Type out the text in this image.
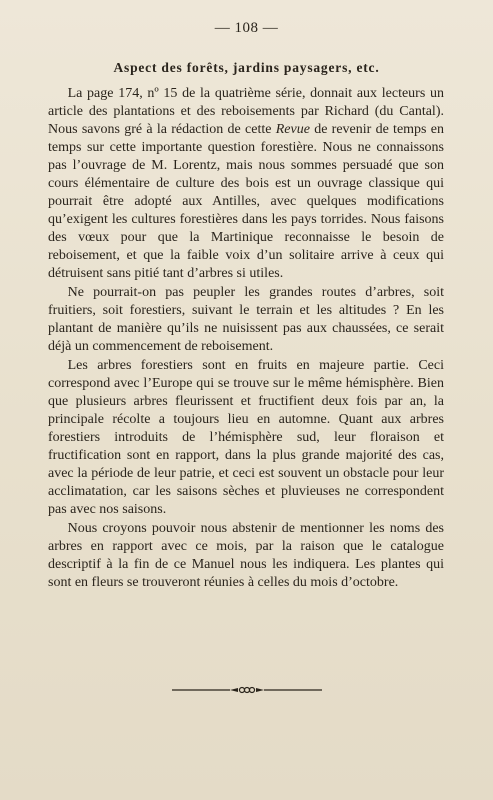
— 108 —
Aspect des forêts, jardins paysagers, etc.

La page 174, nº 15 de la quatrième série, donnait aux lecteurs un article des plantations et des reboisements par Richard (du Cantal). Nous savons gré à la rédaction de cette Revue de revenir de temps en temps sur cette importante question forestière. Nous ne connaissons pas l’ouvrage de M. Lorentz, mais nous sommes persuadé que son cours élémentaire de culture des bois est un ouvrage classique qui pourrait être adopté aux Antilles, avec quelques modifications qu’exigent les cultures forestières dans les pays torrides. Nous faisons des vœux pour que la Martinique reconnaisse le besoin de reboisement, et que la faible voix d’un solitaire arrive à ceux qui détruisent sans pitié tant d’arbres si utiles.

Ne pourrait-on pas peupler les grandes routes d’arbres, soit fruitiers, soit forestiers, suivant le terrain et les altitudes ? En les plantant de manière qu’ils ne nuisissent pas aux chaussées, ce serait déjà un commencement de reboisement.

Les arbres forestiers sont en fruits en majeure partie. Ceci correspond avec l’Europe qui se trouve sur le même hémisphère. Bien que plusieurs arbres fleurissent et fructifient deux fois par an, la principale récolte a toujours lieu en automne. Quant aux arbres forestiers introduits de l’hémisphère sud, leur floraison et fructification sont en rapport, dans la plus grande majorité des cas, avec la période de leur patrie, et ceci est souvent un obstacle pour leur acclimatation, car les saisons sèches et pluvieuses ne correspondent pas avec nos saisons.

Nous croyons pouvoir nous abstenir de mentionner les noms des arbres en rapport avec ce mois, par la raison que le catalogue descriptif à la fin de ce Manuel nous les indiquera. Les plantes qui sont en fleurs se trouveront réunies à celles du mois d’octobre.
